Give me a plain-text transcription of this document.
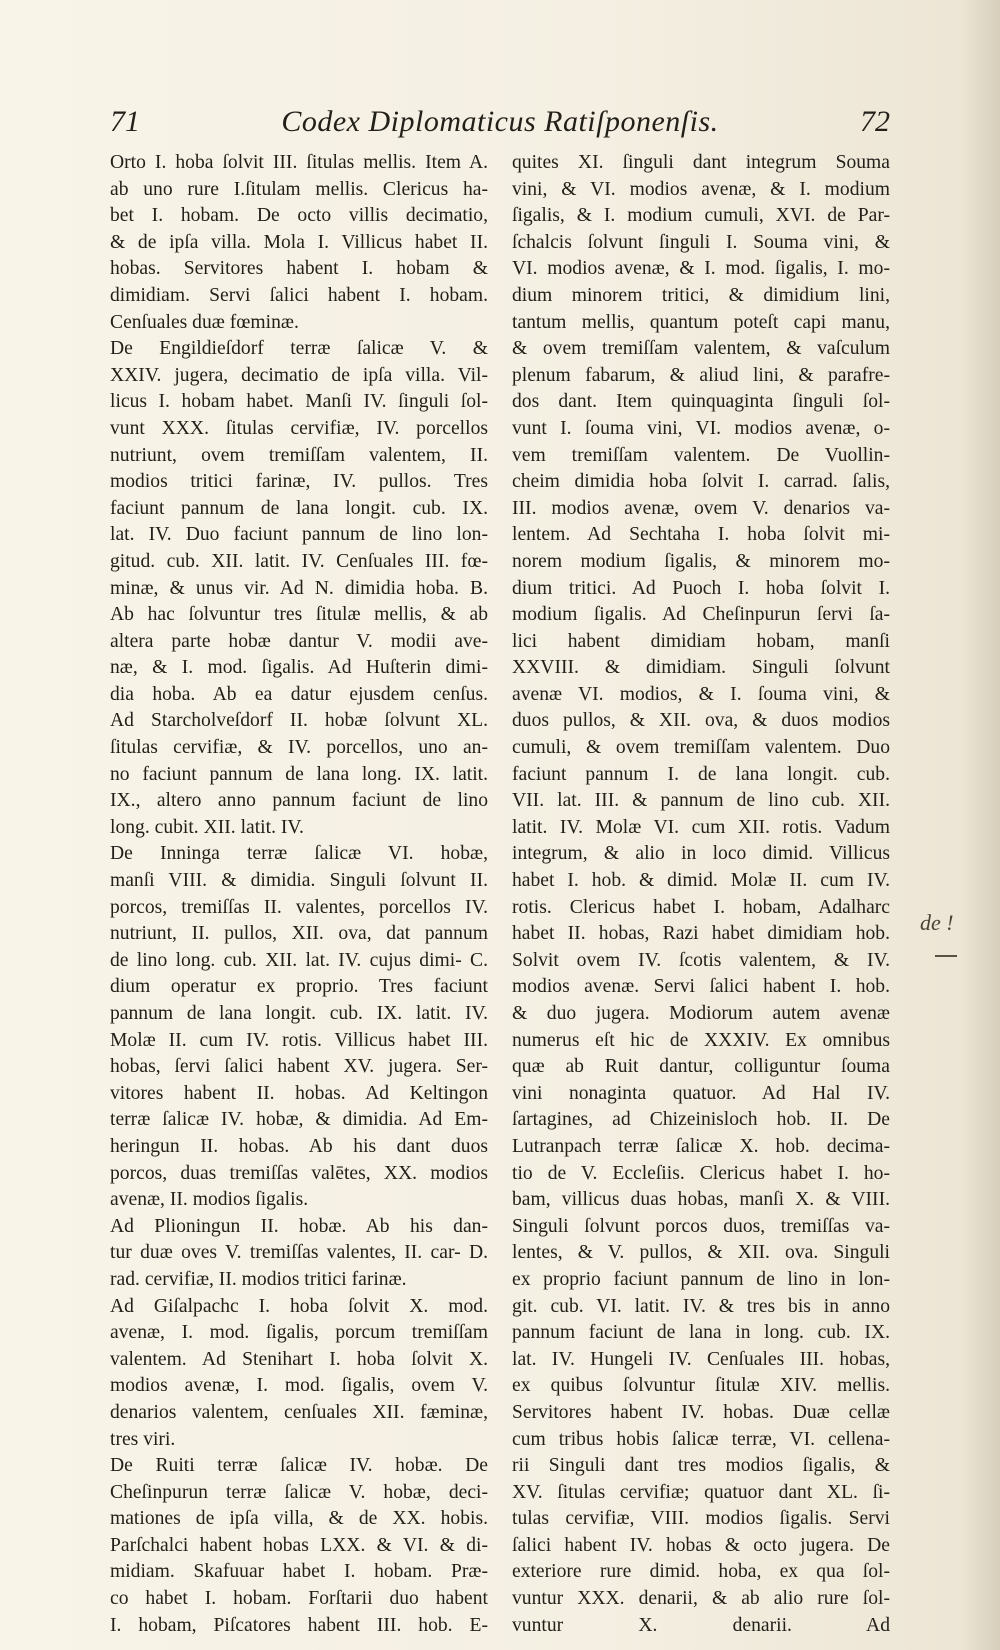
71	Codex Diplomaticus Ratiſponenſis.	72
Orto I. hoba ſolvit III. ſitulas mellis. Item A.
ab uno rure I.ſitulam mellis. Clericus ha-
bet I. hobam. De octo villis decimatio,
& de ipſa villa. Mola I. Villicus habet II.
hobas. Servitores habent I. hobam &
dimidiam. Servi ſalici habent I. hobam.
Cenſuales duæ fœminæ.
De Engildieſdorf terræ ſalicæ V. &
XXIV. jugera, decimatio de ipſa villa. Vil-
licus I. hobam habet. Manſi IV. ſinguli ſol-
vunt XXX. ſitulas cervifiæ, IV. porcellos
nutriunt, ovem tremiſſam valentem, II.
modios tritici farinæ, IV. pullos. Tres
faciunt pannum de lana longit. cub. IX.
lat. IV. Duo faciunt pannum de lino lon-
gitud. cub. XII. latit. IV. Cenſuales III. fœ-
minæ, & unus vir. Ad N. dimidia hoba. B.
Ab hac ſolvuntur tres ſitulæ mellis, & ab
altera parte hobæ dantur V. modii ave-
næ, & I. mod. ſigalis. Ad Huſterin dimi-
dia hoba. Ab ea datur ejusdem cenſus.
Ad Starcholveſdorf II. hobæ ſolvunt XL.
ſitulas cervifiæ, & IV. porcellos, uno an-
no faciunt pannum de lana long. IX. latit.
IX., altero anno pannum faciunt de lino
long. cubit. XII. latit. IV.
De Inninga terræ ſalicæ VI. hobæ,
manſi VIII. & dimidia. Singuli ſolvunt II.
porcos, tremiſſas II. valentes, porcellos IV.
nutriunt, II. pullos, XII. ova, dat pannum
de lino long. cub. XII. lat. IV. cujus dimi- C.
dium operatur ex proprio. Tres faciunt
pannum de lana longit. cub. IX. latit. IV.
Molæ II. cum IV. rotis. Villicus habet III.
hobas, ſervi ſalici habent XV. jugera. Ser-
vitores habent II. hobas. Ad Keltingon
terræ ſalicæ IV. hobæ, & dimidia. Ad Em-
heringun II. hobas. Ab his dant duos
porcos, duas tremiſſas valētes, XX. modios
avenæ, II. modios ſigalis.
Ad Plioningun II. hobæ. Ab his dan-
tur duæ oves V. tremiſſas valentes, II. car- D.
rad. cervifiæ, II. modios tritici farinæ.
Ad Giſalpachc I. hoba ſolvit X. mod.
avenæ, I. mod. ſigalis, porcum tremiſſam
valentem. Ad Stenihart I. hoba ſolvit X.
modios avenæ, I. mod. ſigalis, ovem V.
denarios valentem, cenſuales XII. fæminæ,
tres viri.
De Ruiti terræ ſalicæ IV. hobæ. De
Cheſinpurun terræ ſalicæ V. hobæ, deci-
mationes de ipſa villa, & de XX. hobis.
Parſchalci habent hobas LXX. & VI. & di-
midiam. Skafuuar habet I. hobam. Præ-
co habet I. hobam. Forſtarii duo habent
I. hobam, Piſcatores habent III. hob. E-
quites XI. ſinguli dant integrum Souma
vini, & VI. modios avenæ, & I. modium
ſigalis, & I. modium cumuli, XVI. de Par-
ſchalcis ſolvunt ſinguli I. Souma vini, &
VI. modios avenæ, & I. mod. ſigalis, I. mo-
dium minorem tritici, & dimidium lini,
tantum mellis, quantum poteſt capi manu,
& ovem tremiſſam valentem, & vaſculum
plenum fabarum, & aliud lini, & parafre-
dos dant. Item quinquaginta ſinguli ſol-
vunt I. ſouma vini, VI. modios avenæ, o-
vem tremiſſam valentem. De Vuollin-
cheim dimidia hoba ſolvit I. carrad. ſalis,
III. modios avenæ, ovem V. denarios va-
lentem. Ad Sechtaha I. hoba ſolvit mi-
norem modium ſigalis, & minorem mo-
dium tritici. Ad Puoch I. hoba ſolvit I.
modium ſigalis. Ad Cheſinpurun ſervi ſa-
lici habent dimidiam hobam, manſi
XXVIII. & dimidiam. Singuli ſolvunt
avenæ VI. modios, & I. ſouma vini, &
duos pullos, & XII. ova, & duos modios
cumuli, & ovem tremiſſam valentem. Duo
faciunt pannum I. de lana longit. cub.
VII. lat. III. & pannum de lino cub. XII.
latit. IV. Molæ VI. cum XII. rotis. Vadum
integrum, & alio in loco dimid. Villicus
habet I. hob. & dimid. Molæ II. cum IV.
rotis. Clericus habet I. hobam, Adalharc
habet II. hobas, Razi habet dimidiam hob.
Solvit ovem IV. ſcotis valentem, & IV.
modios avenæ. Servi ſalici habent I. hob.
& duo jugera. Modiorum autem avenæ
numerus eſt hic de XXXIV. Ex omnibus
quæ ab Ruit dantur, colliguntur ſouma
vini nonaginta quatuor. Ad Hal IV.
ſartagines, ad Chizeinisloch hob. II. De
Lutranpach terræ ſalicæ X. hob. decima-
tio de V. Eccleſiis. Clericus habet I. ho-
bam, villicus duas hobas, manſi X. & VIII.
Singuli ſolvunt porcos duos, tremiſſas va-
lentes, & V. pullos, & XII. ova. Singuli
ex proprio faciunt pannum de lino in lon-
git. cub. VI. latit. IV. & tres bis in anno
pannum faciunt de lana in long. cub. IX.
lat. IV. Hungeli IV. Cenſuales III. hobas,
ex quibus ſolvuntur ſitulæ XIV. mellis.
Servitores habent IV. hobas. Duæ cellæ
cum tribus hobis ſalicæ terræ, VI. cellena-
rii Singuli dant tres modios ſigalis, &
XV. ſitulas cervifiæ; quatuor dant XL. ſi-
tulas cervifiæ, VIII. modios ſigalis. Servi
ſalici habent IV. hobas & octo jugera. De
exteriore rure dimid. hoba, ex qua ſol-
vuntur XXX. denarii, & ab alio rure ſol-
vuntur X. denarii. Ad
de !
